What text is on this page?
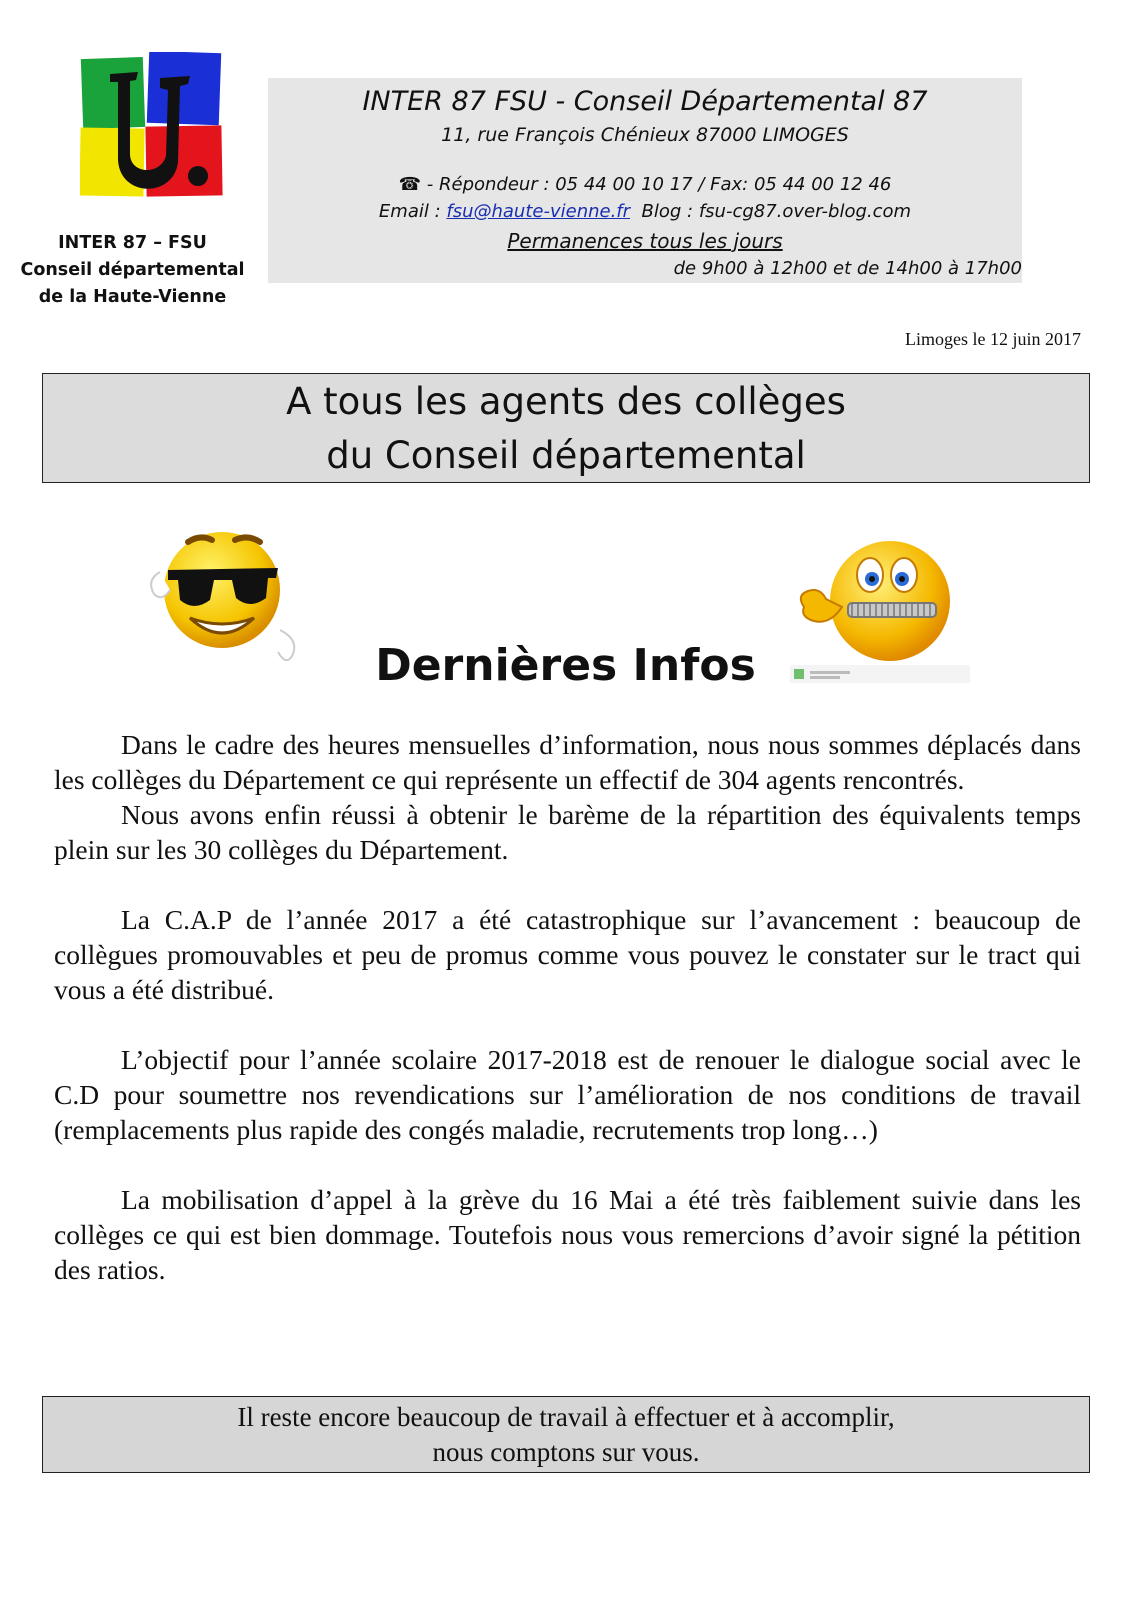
INTER 87 – FSU
Conseil départemental
de la Haute-Vienne
INTER 87 FSU - Conseil Départemental 87
11, rue François Chénieux 87000 LIMOGES
☎ - Répondeur : 05 44 00 10 17 / Fax: 05 44 00 12 46
Email : fsu@haute-vienne.fr Blog : fsu-cg87.over-blog.com
Permanences tous les jours
de 9h00 à 12h00 et de 14h00 à 17h00
Limoges le 12 juin 2017
A tous les agents des collèges
du Conseil départemental
Dernières Infos

Dans le cadre des heures mensuelles d’information, nous nous sommes déplacés dans les collèges du Département ce qui représente un effectif de 304 agents rencontrés.

Nous avons enfin réussi à obtenir le barème de la répartition des équivalents temps plein sur les 30 collèges du Département.

La C.A.P de l’année 2017 a été catastrophique sur l’avancement : beaucoup de collègues promouvables et peu de promus comme vous pouvez le constater sur le tract qui vous a été distribué.

L’objectif pour l’année scolaire 2017-2018 est de renouer le dialogue social avec le C.D pour soumettre nos revendications sur l’amélioration de nos conditions de travail (remplacements plus rapide des congés maladie, recrutements trop long…)

La mobilisation d’appel à la grève du 16 Mai a été très faiblement suivie dans les collèges ce qui est bien dommage. Toutefois nous vous remercions d’avoir signé la pétition des ratios.

Il reste encore beaucoup de travail à effectuer et à accomplir,
nous comptons sur vous.
